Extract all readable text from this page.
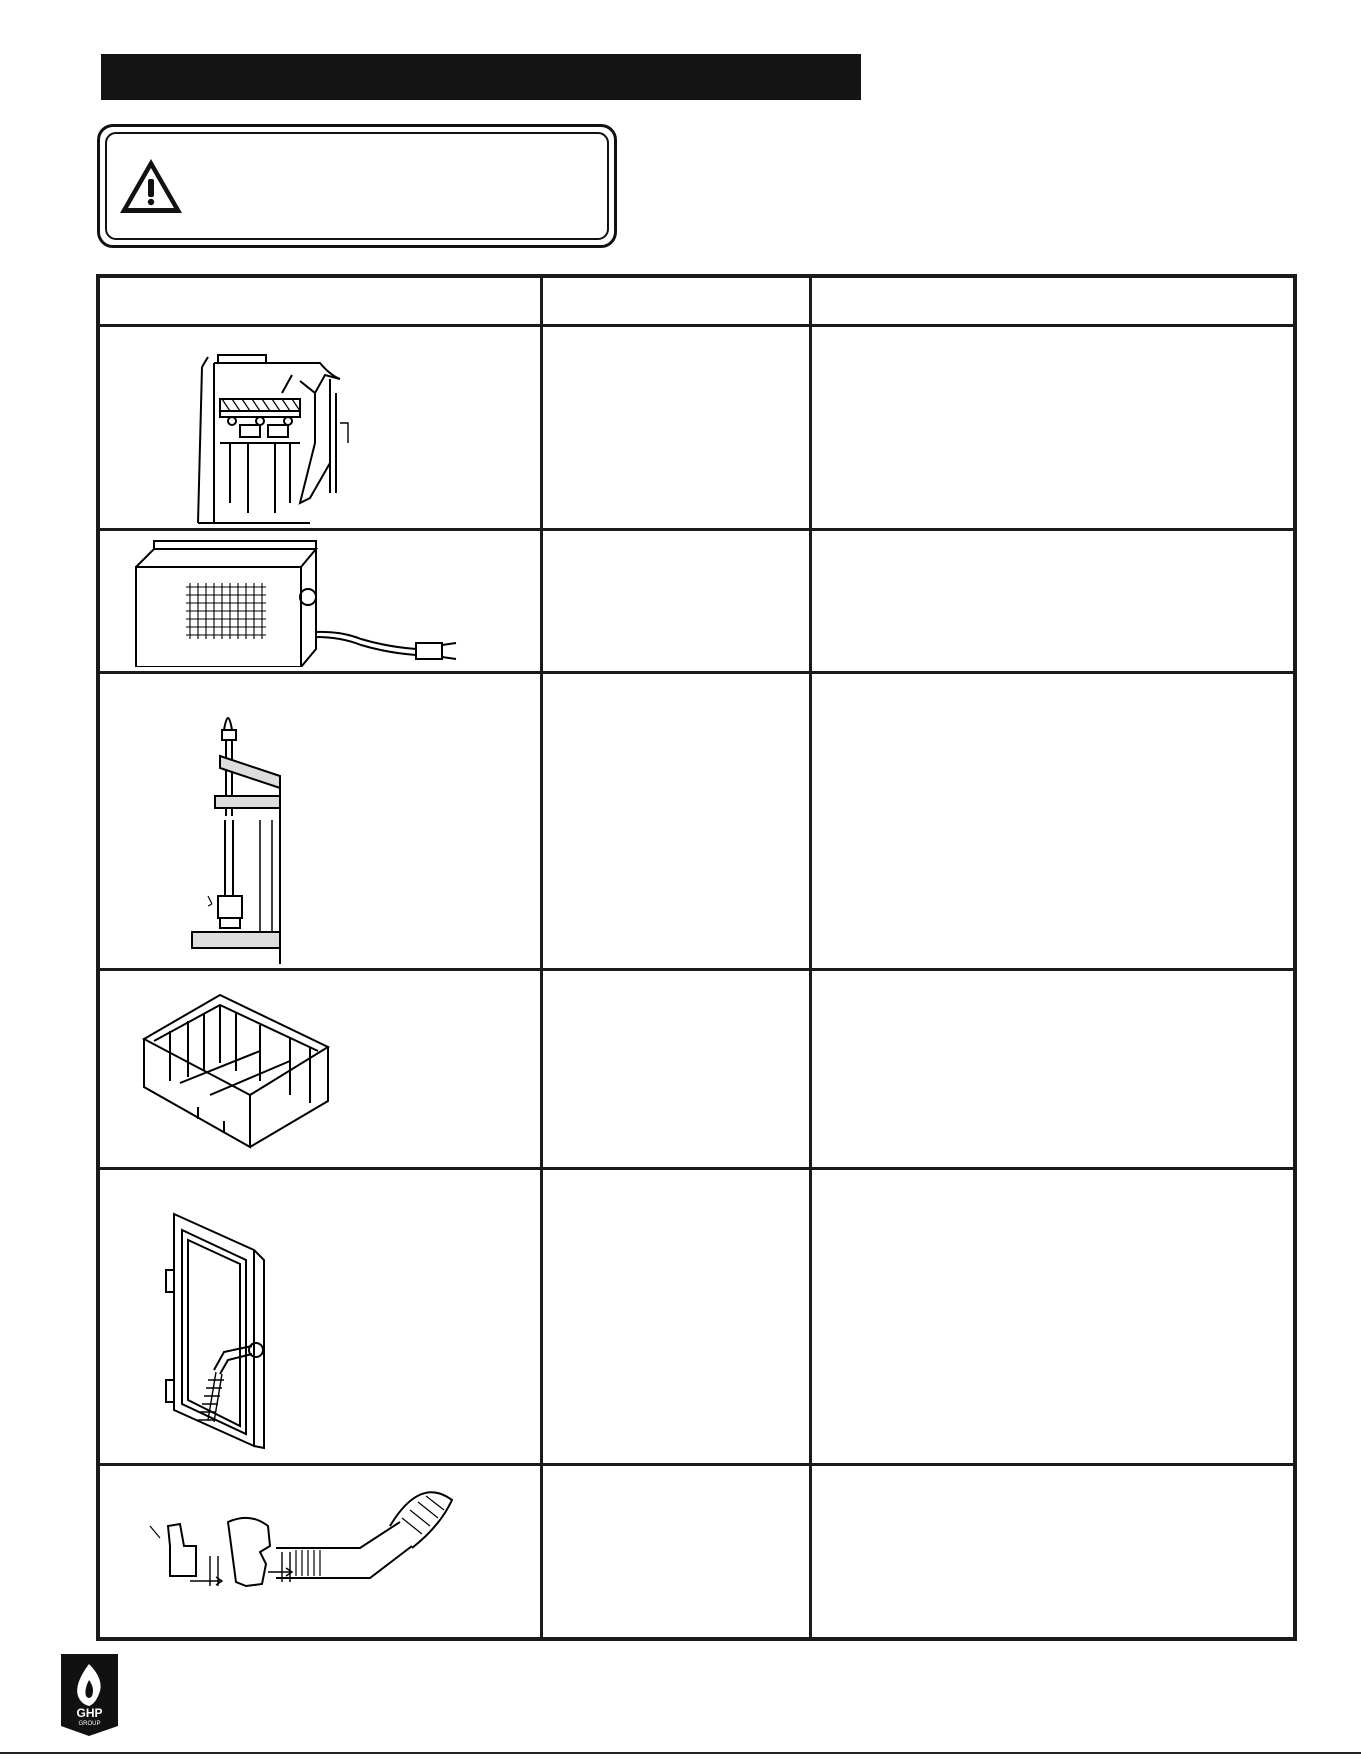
GHP
GROUP
